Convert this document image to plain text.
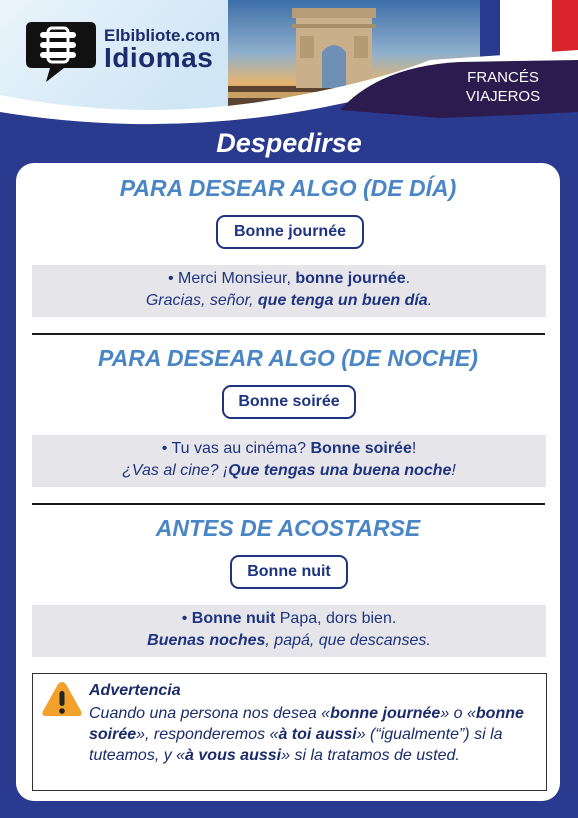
Elbibliote.com
Idiomas
FRANCÉS
VIAJEROS
Despedirse
PARA DESEAR ALGO (DE DÍA)
Bonne journée
• Merci Monsieur, bonne journée.
Gracias, señor, que tenga un buen día.
PARA DESEAR ALGO (DE NOCHE)
Bonne soirée
• Tu vas au cinéma? Bonne soirée!
¿Vas al cine? ¡Que tengas una buena noche!
ANTES DE ACOSTARSE
Bonne nuit
• Bonne nuit Papa, dors bien.
Buenas noches, papá, que descanses.
Advertencia
Cuando una persona nos desea «bonne journée» o «bonne soirée», responderemos «à toi aussi» (“igualmente”) si la tuteamos, y «à vous aussi» si la tratamos de usted.
